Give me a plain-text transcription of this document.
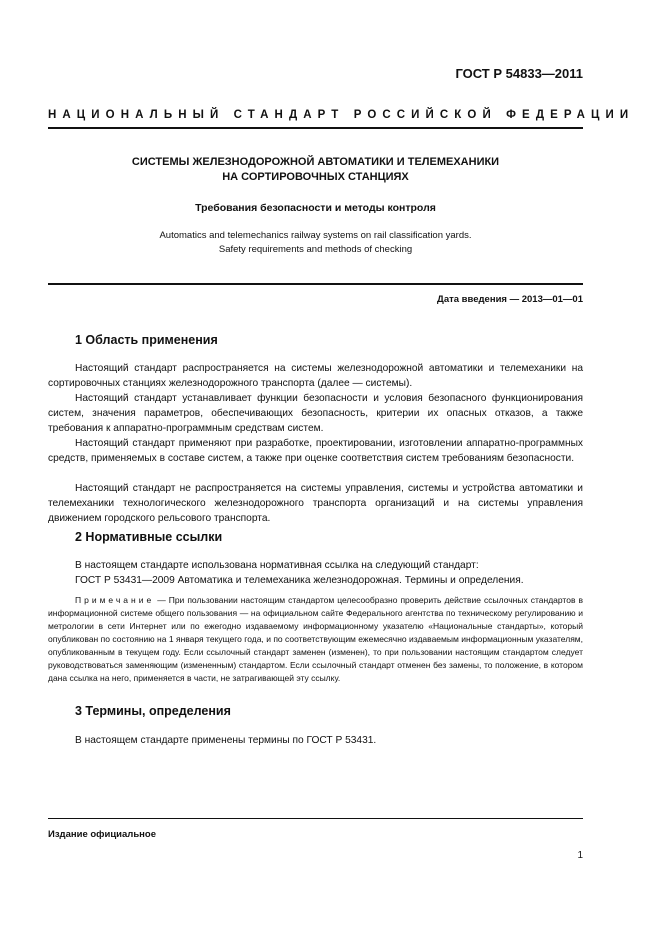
ГОСТ Р 54833—2011
НАЦИОНАЛЬНЫЙ СТАНДАРТ РОССИЙСКОЙ ФЕДЕРАЦИИ
СИСТЕМЫ ЖЕЛЕЗНОДОРОЖНОЙ АВТОМАТИКИ И ТЕЛЕМЕХАНИКИ
НА СОРТИРОВОЧНЫХ СТАНЦИЯХ
Требования безопасности и методы контроля
Automatics and telemechanics railway systems on rail classification yards.
Safety requirements and methods of checking
Дата введения — 2013—01—01
1 Область применения

Настоящий стандарт распространяется на системы железнодорожной автоматики и телемеханики на сортировочных станциях железнодорожного транспорта (далее — системы).

Настоящий стандарт устанавливает функции безопасности и условия безопасного функционирования систем, значения параметров, обеспечивающих безопасность, критерии их опасных отказов, а также требования к аппаратно-программным средствам систем.

Настоящий стандарт применяют при разработке, проектировании, изготовлении аппаратно-программных средств, применяемых в составе систем, а также при оценке соответствия систем требованиям безопасности.

Настоящий стандарт не распространяется на системы управления, системы и устройства автоматики и телемеханики технологического железнодорожного транспорта организаций и на системы управления движением городского рельсового транспорта.

2 Нормативные ссылки

В настоящем стандарте использована нормативная ссылка на следующий стандарт:

ГОСТ Р 53431—2009 Автоматика и телемеханика железнодорожная. Термины и определения.

Примечание — При пользовании настоящим стандартом целесообразно проверить действие ссылочных стандартов в информационной системе общего пользования — на официальном сайте Федерального агентства по техническому регулированию и метрологии в сети Интернет или по ежегодно издаваемому информационному указателю «Национальные стандарты», который опубликован по состоянию на 1 января текущего года, и по соответствующим ежемесячно издаваемым информационным указателям, опубликованным в текущем году. Если ссылочный стандарт заменен (изменен), то при пользовании настоящим стандартом следует руководствоваться заменяющим (измененным) стандартом. Если ссылочный стандарт отменен без замены, то положение, в котором дана ссылка на него, применяется в части, не затрагивающей эту ссылку.

3 Термины, определения

В настоящем стандарте применены термины по ГОСТ Р 53431.

Издание официальное
1
